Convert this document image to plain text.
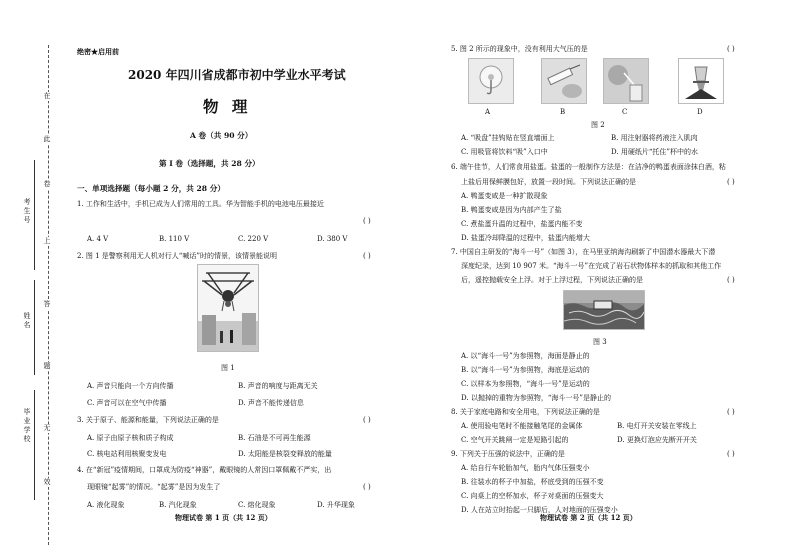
在
此
卷
上
答
题
无
效
考生号
姓名
毕业学校
绝密★启用前
2020 年四川省成都市初中学业水平考试
物 理
A 卷（共 90 分）
第 Ⅰ 卷（选择题，共 28 分）
一、单项选择题（每小题 2 分，共 28 分）
1. 工作和生活中，手机已成为人们常用的工具。华为智能手机的电池电压最接近
( )
A. 4 V	B. 110 V	C. 220 V	D. 380 V
2. 图 1 是警察利用无人机对行人“喊话”时的情景，该情景能说明	( )
图 1
A. 声音只能向一个方向传播	B. 声音的响度与距离无关
C. 声音可以在空气中传播	D. 声音不能传递信息
3. 关于原子、能源和能量，下列说法正确的是	( )
A. 原子由原子核和质子构成	B. 石油是不可再生能源
C. 核电站利用核聚变发电	D. 太阳能是核裂变释放的能量
4. 在“新冠”疫情期间，口罩成为防疫“神器”，戴眼镜的人常因口罩佩戴不严实，出
现眼镜“起雾”的情况。“起雾”是因为发生了	( )
A. 液化现象	B. 汽化现象	C. 熔化现象	D. 升华现象
物理试卷 第 1 页（共 12 页）
5. 图 2 所示的现象中，没有利用大气压的是	( )
A	B	C	D
图 2
A. “吸盘”挂钩贴在竖直墙面上	B. 用注射器将药液注入肌肉
C. 用吸管将饮料“吸”入口中	D. 用硬纸片“托住”杯中的水
6. 端午佳节，人们常食用盐蛋。盐蛋的一般制作方法是：在洁净的鸭蛋表面涂抹白酒，粘
上盐后用保鲜膜包好，放置一段时间。下列说法正确的是	( )
A. 鸭蛋变咸是一种扩散现象
B. 鸭蛋变咸是因为内部产生了盐
C. 煮盐蛋升温的过程中，盐蛋内能不变
D. 盐蛋冷却降温的过程中，盐蛋内能增大
7. 中国自主研发的“海斗一号”（如图 3），在马里亚纳海沟刷新了中国潜水器最大下潜
深度纪录，达到 10 907 米。“海斗一号”在完成了岩石状物体样本的抓取和其他工作
后，遥控抛载安全上浮。对于上浮过程，下列说法正确的是	( )
图 3
A. 以“海斗一号”为参照物，海面是静止的
B. 以“海斗一号”为参照物，海底是运动的
C. 以样本为参照物，“海斗一号”是运动的
D. 以抛掉的重物为参照物，“海斗一号”是静止的
8. 关于家庭电路和安全用电，下列说法正确的是	( )
A. 使用验电笔时不能接触笔尾的金属体	B. 电灯开关安装在零线上
C. 空气开关跳闸一定是短路引起的	D. 更换灯泡应先断开开关
9. 下列关于压强的说法中，正确的是	( )
A. 给自行车轮胎加气，胎内气体压强变小
B. 往装水的杯子中加盐，杯底受到的压强不变
C. 向桌上的空杯加水，杯子对桌面的压强变大
D. 人在站立时抬起一只脚后，人对地面的压强变小
物理试卷 第 2 页（共 12 页）
